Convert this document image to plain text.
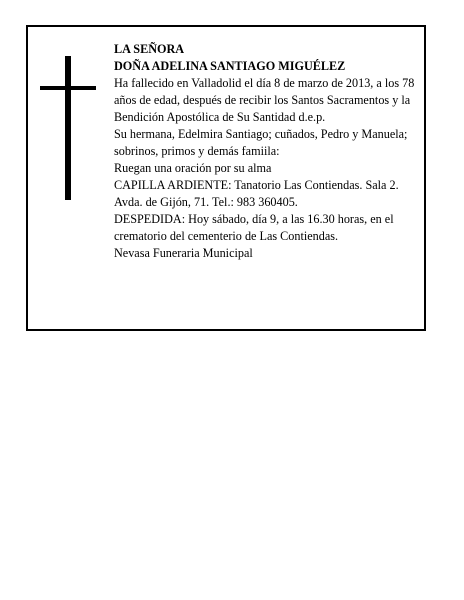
LA SEÑORA

DOÑA ADELINA SANTIAGO MIGUÉLEZ

Ha fallecido en Valladolid el día 8 de marzo de 2013, a los 78 años de edad, después de recibir los Santos Sacramentos y la Bendición Apostólica de Su Santidad d.e.p.

Su hermana, Edelmira Santiago; cuñados, Pedro y Manuela; sobrinos, primos y demás famiila:

Ruegan una oración por su alma

CAPILLA ARDIENTE: Tanatorio Las Contiendas. Sala 2. Avda. de Gijón, 71. Tel.: 983 360405.

DESPEDIDA: Hoy sábado, día 9, a las 16.30 horas, en el crematorio del cementerio de Las Contiendas.

Nevasa Funeraria Municipal
